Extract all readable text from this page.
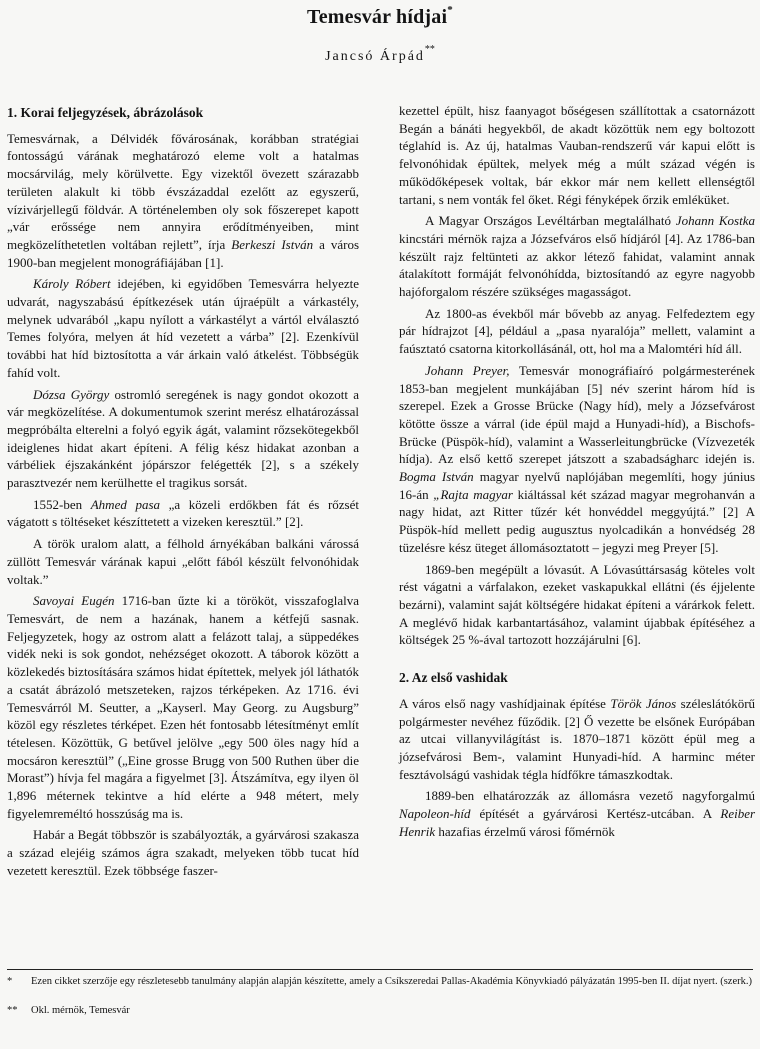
Temesvár hídjai*
Jancsó Árpád**
1. Korai feljegyzések, ábrázolások

Temesvárnak, a Délvidék fővárosának, korábban stratégiai fontosságú várának meghatározó eleme volt a hatalmas mocsárvilág, mely körülvette. Egy vizektől övezett szárazabb területen alakult ki több évszázaddal ezelőtt az egyszerű, vízivárjellegű földvár. A történelemben oly sok főszerepet kapott „vár erőssége nem annyira erődítményeiben, mint megközelíthetetlen voltában rejlett”, írja Berkeszi István a város 1900-ban megjelent monográfiájában [1].

Károly Róbert idejében, ki egyidőben Temesvárra helyezte udvarát, nagyszabású építkezések után újraépült a várkastély, melynek udvarából „kapu nyílott a várkastélyt a vártól elválasztó Temes folyóra, melyen át híd vezetett a várba” [2]. Ezenkívül további hat híd biztosította a vár árkain való átkelést. Többségük fahíd volt.

Dózsa György ostromló seregének is nagy gondot okozott a vár megközelítése. A dokumentumok szerint merész elhatározással megpróbálta elterelni a folyó egyik ágát, valamint rőzsekötegekből ideiglenes hidat akart építeni. A félig kész hidakat azonban a várbéliek éjszakánként jópárszor felégették [2], s a székely parasztvezér nem kerülhette el tragikus sorsát.

1552-ben Ahmed pasa „a közeli erdőkben fát és rőzsét vágatott s töltéseket készíttetett a vizeken keresztül.” [2].

A török uralom alatt, a félhold árnyékában balkáni várossá züllött Temesvár várának kapui „előtt fából készült felvonóhidak voltak.”

Savoyai Eugén 1716-ban űzte ki a törököt, visszafoglalva Temesvárt, de nem a hazának, hanem a kétfejű sasnak. Feljegyzetek, hogy az ostrom alatt a felázott talaj, a süppedékes vidék neki is sok gondot, nehézséget okozott. A táborok között a közlekedés biztosítására számos hidat építettek, melyek jól láthatók a csatát ábrázoló metszeteken, rajzos térképeken. Az 1716. évi Temesvárról M. Seutter, a „Kayserl. May Georg. zu Augsburg” közöl egy részletes térképet. Ezen hét fontosabb létesítményt említ tételesen. Közöttük, G betűvel jelölve „egy 500 öles nagy híd a mocsáron keresztül” („Eine grosse Brugg von 500 Ruthen über die Morast”) hívja fel magára a figyelmet [3]. Átszámítva, egy ilyen öl 1,896 méternek tekintve a híd elérte a 948 métert, mely figyelemreméltó hosszúság ma is.

Habár a Begát többször is szabályozták, a gyárvárosi szakasza a század elejéig számos ágra szakadt, melyeken több tucat híd vezetett keresztül. Ezek többsége faszer-

kezettel épült, hisz faanyagot bőségesen szállítottak a csatornázott Begán a bánáti hegyekből, de akadt közöttük nem egy boltozott téglahíd is. Az új, hatalmas Vauban-rendszerű vár kapui előtt is felvonóhidak épültek, melyek még a múlt század végén is működőképesek voltak, bár ekkor már nem kellett ellenségtől tartani, s nem vonták fel őket. Régi fényképek őrzik emléküket.

A Magyar Országos Levéltárban megtalálható Johann Kostka kincstári mérnök rajza a Józsefváros első hídjáról [4]. Az 1786-ban készült rajz feltünteti az akkor létező fahidat, valamint annak átalakított formáját felvonóhídda, biztosítandó az egyre nagyobb hajóforgalom részére szükséges magasságot.

Az 1800-as évekből már bővebb az anyag. Felfedeztem egy pár hídrajzot [4], például a „pasa nyaralója” mellett, valamint a faúsztató csatorna kitorkollásánál, ott, hol ma a Malomtéri híd áll.

Johann Preyer, Temesvár monográfiaíró polgármesterének 1853-ban megjelent munkájában [5] név szerint három híd is szerepel. Ezek a Grosse Brücke (Nagy híd), mely a Józsefvárost kötötte össze a várral (ide épül majd a Hunyadi-híd), a Bischofs-Brücke (Püspök-híd), valamint a Wasserleitungbrücke (Vízvezeték hídja). Az első kettő szerepet játszott a szabadságharc idején is. Bogma István magyar nyelvű naplójában megemlíti, hogy június 16-án „Rajta magyar kiáltással két század magyar megrohanván a nagy hidat, azt Ritter tűzér két honvéddel meggyújtá.” [2] A Püspök-híd mellett pedig augusztus nyolcadikán a honvédség 28 tüzelésre kész üteget állomásoztatott – jegyzi meg Preyer [5].

1869-ben megépült a lóvasút. A Lóvasúttársaság köteles volt rést vágatni a várfalakon, ezeket vaskapukkal ellátni (és éjjelente bezárni), valamint saját költségére hidakat építeni a várárkok felett. A meglévő hidak karbantartásához, valamint újabbak építéséhez a költségek 25 %-ával tartozott hozzájárulni [6].

2. Az első vashidak

A város első nagy vashídjainak építése Török János széleslátókörű polgármester nevéhez fűződik. [2] Ő vezette be elsőnek Európában az utcai villanyvilágítást is. 1870–1871 között épül meg a józsefvárosi Bem-, valamint Hunyadi-híd. A harminc méter fesztávolságú vashidak tégla hídfőkre támaszkodtak.

1889-ben elhatározzák az állomásra vezető nagyforgalmú Napoleon-híd építését a gyárvárosi Kertész-utcában. A Reiber Henrik hazafias érzelmű városi főmérnök

* Ezen cikket szerzője egy részletesebb tanulmány alapján alapján készítette, amely a Csíkszeredai Pallas-Akadémia Könyvkiadó pályázatán 1995-ben II. díjat nyert. (szerk.)
** Okl. mérnök, Temesvár
